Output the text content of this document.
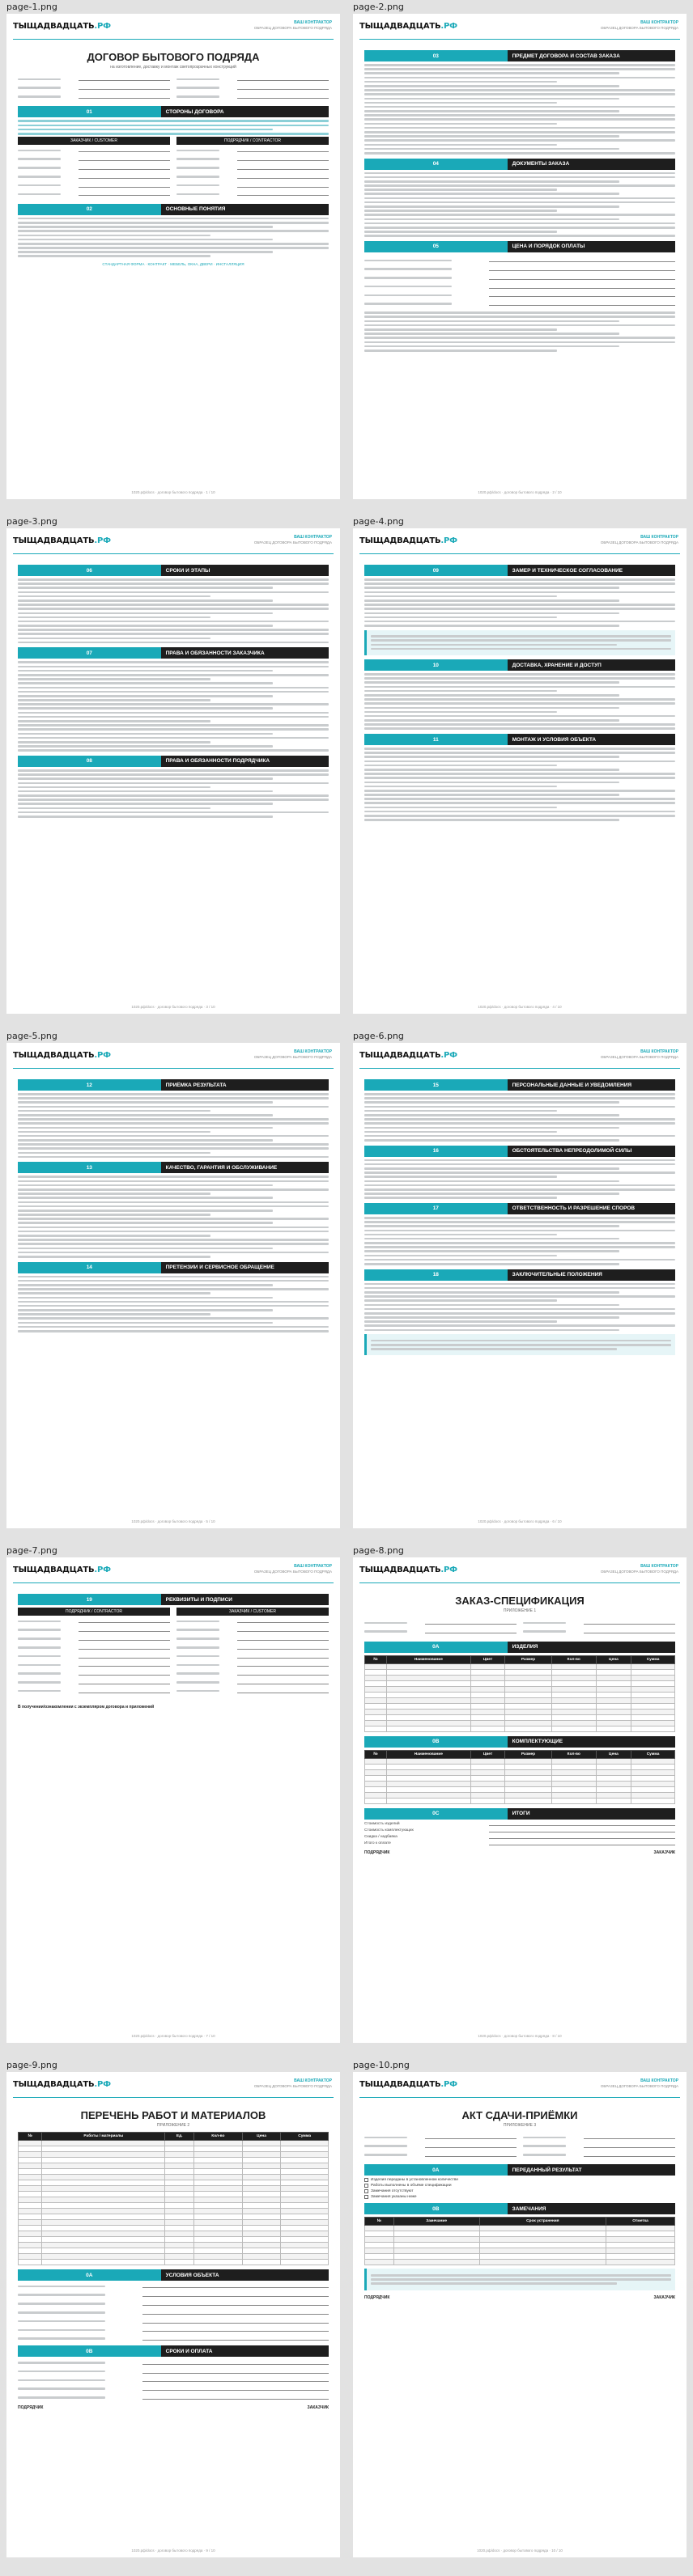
page-1.png
ТЫЩАДВАДЦАТЬ.РФ	ВАШ КОНТРАКТОР
ОБРАЗЕЦ ДОГОВОРА БЫТОВОГО ПОДРЯДА
ДОГОВОР БЫТОВОГО ПОДРЯДА
на изготовление, доставку и монтаж светопрозрачных конструкций
01	СТОРОНЫ ДОГОВОРА
ЗАКАЗЧИК / CUSTOMER	ПОДРЯДЧИК / CONTRACTOR
02	ОСНОВНЫЕ ПОНЯТИЯ
СТАНДАРТНАЯ ФОРМА · КОНТРАКТ · МЕБЕЛЬ, ОКНА, ДВЕРИ · ИНСТАЛЛЯЦИЯ
1020.рф/docs · договор бытового подряда · 1 / 10
page-2.png
ТЫЩАДВАДЦАТЬ.РФ	ВАШ КОНТРАКТОР
ОБРАЗЕЦ ДОГОВОРА БЫТОВОГО ПОДРЯДА
03	ПРЕДМЕТ ДОГОВОРА И СОСТАВ ЗАКАЗА
04	ДОКУМЕНТЫ ЗАКАЗА
05	ЦЕНА И ПОРЯДОК ОПЛАТЫ
1020.рф/docs · договор бытового подряда · 2 / 10
page-3.png
ТЫЩАДВАДЦАТЬ.РФ	ВАШ КОНТРАКТОР
ОБРАЗЕЦ ДОГОВОРА БЫТОВОГО ПОДРЯДА
06	СРОКИ И ЭТАПЫ
07	ПРАВА И ОБЯЗАННОСТИ ЗАКАЗЧИКА
08	ПРАВА И ОБЯЗАННОСТИ ПОДРЯДЧИКА
1020.рф/docs · договор бытового подряда · 3 / 10
page-4.png
ТЫЩАДВАДЦАТЬ.РФ	ВАШ КОНТРАКТОР
ОБРАЗЕЦ ДОГОВОРА БЫТОВОГО ПОДРЯДА
09	ЗАМЕР И ТЕХНИЧЕСКОЕ СОГЛАСОВАНИЕ
10	ДОСТАВКА, ХРАНЕНИЕ И ДОСТУП
11	МОНТАЖ И УСЛОВИЯ ОБЪЕКТА
1020.рф/docs · договор бытового подряда · 4 / 10
page-5.png
ТЫЩАДВАДЦАТЬ.РФ	ВАШ КОНТРАКТОР
ОБРАЗЕЦ ДОГОВОРА БЫТОВОГО ПОДРЯДА
12	ПРИЁМКА РЕЗУЛЬТАТА
13	КАЧЕСТВО, ГАРАНТИЯ И ОБСЛУЖИВАНИЕ
14	ПРЕТЕНЗИИ И СЕРВИСНОЕ ОБРАЩЕНИЕ
1020.рф/docs · договор бытового подряда · 5 / 10
page-6.png
ТЫЩАДВАДЦАТЬ.РФ	ВАШ КОНТРАКТОР
ОБРАЗЕЦ ДОГОВОРА БЫТОВОГО ПОДРЯДА
15	ПЕРСОНАЛЬНЫЕ ДАННЫЕ И УВЕДОМЛЕНИЯ
16	ОБСТОЯТЕЛЬСТВА НЕПРЕОДОЛИМОЙ СИЛЫ
17	ОТВЕТСТВЕННОСТЬ И РАЗРЕШЕНИЕ СПОРОВ
18	ЗАКЛЮЧИТЕЛЬНЫЕ ПОЛОЖЕНИЯ
1020.рф/docs · договор бытового подряда · 6 / 10
page-7.png
ТЫЩАДВАДЦАТЬ.РФ	ВАШ КОНТРАКТОР
ОБРАЗЕЦ ДОГОВОРА БЫТОВОГО ПОДРЯДА
19	РЕКВИЗИТЫ И ПОДПИСИ
ПОДРЯДЧИК / CONTRACTOR	ЗАКАЗЧИК / CUSTOMER
В получении/ознакомлении с экземпляром договора и приложений
1020.рф/docs · договор бытового подряда · 7 / 10
page-8.png
ТЫЩАДВАДЦАТЬ.РФ	ВАШ КОНТРАКТОР
ОБРАЗЕЦ ДОГОВОРА БЫТОВОГО ПОДРЯДА
ЗАКАЗ-СПЕЦИФИКАЦИЯ
ПРИЛОЖЕНИЕ 1
0А	ИЗДЕЛИЯ
№	Наименование	Цвет	Размер	Кол-во	Цена	Сумма

0B	КОМПЛЕКТУЮЩИЕ
№	Наименование	Цвет	Размер	Кол-во	Цена	Сумма

0C	ИТОГИ
Стоимость изделий
Стоимость комплектующих
Скидка / надбавка
Итого к оплате
ПОДРЯДЧИК	ЗАКАЗЧИК
1020.рф/docs · договор бытового подряда · 8 / 10
page-9.png
ТЫЩАДВАДЦАТЬ.РФ	ВАШ КОНТРАКТОР
ОБРАЗЕЦ ДОГОВОРА БЫТОВОГО ПОДРЯДА
ПЕРЕЧЕНЬ РАБОТ И МАТЕРИАЛОВ
ПРИЛОЖЕНИЕ 2
№	Работы / материалы	Ед.	Кол-во	Цена	Сумма

0А	УСЛОВИЯ ОБЪЕКТА
0B	СРОКИ И ОПЛАТА
ПОДРЯДЧИК	ЗАКАЗЧИК
1020.рф/docs · договор бытового подряда · 9 / 10
page-10.png
ТЫЩАДВАДЦАТЬ.РФ	ВАШ КОНТРАКТОР
ОБРАЗЕЦ ДОГОВОРА БЫТОВОГО ПОДРЯДА
АКТ СДАЧИ-ПРИЁМКИ
ПРИЛОЖЕНИЕ 3
0А	ПЕРЕДАННЫЙ РЕЗУЛЬТАТ
Изделия переданы в установленном количестве
Работы выполнены в объёме спецификации
Замечания отсутствуют
Замечания указаны ниже
0B	ЗАМЕЧАНИЯ
№	Замечание	Срок устранения	Отметка

ПОДРЯДЧИК	ЗАКАЗЧИК
1020.рф/docs · договор бытового подряда · 10 / 10
